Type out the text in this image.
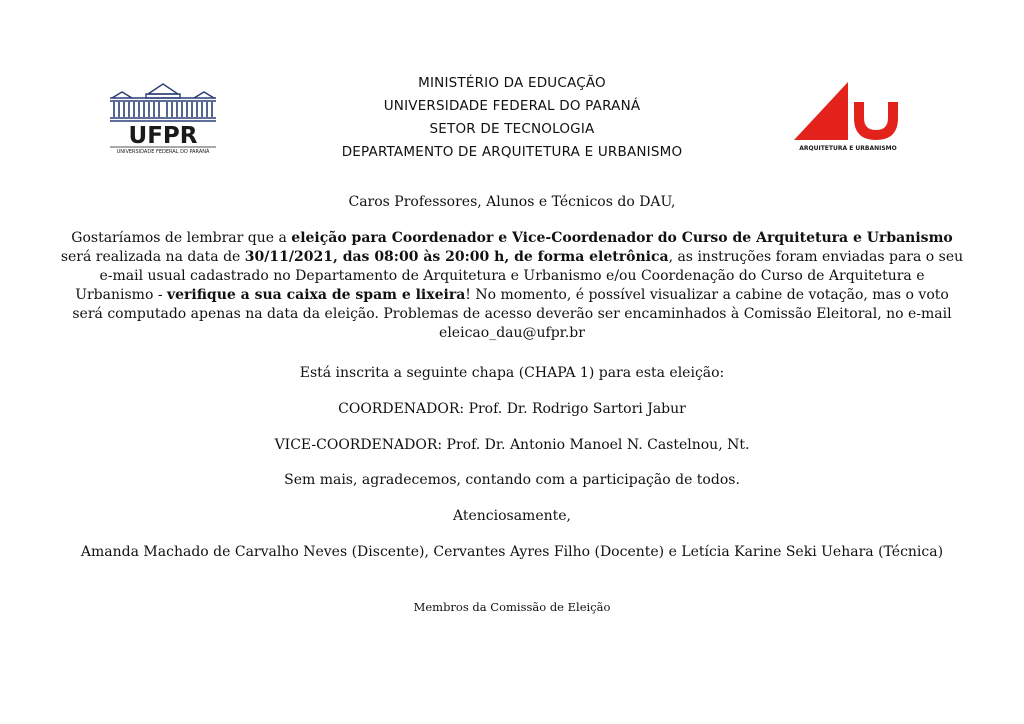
UFPR
UNIVERSIDADE FEDERAL DO PARANÁ	ARQUITETURA E URBANISMO
MINISTÉRIO DA EDUCAÇÃO
UNIVERSIDADE FEDERAL DO PARANÁ
SETOR DE TECNOLOGIA
DEPARTAMENTO DE ARQUITETURA E URBANISMO
Caros Professores, Alunos e Técnicos do DAU,

Gostaríamos de lembrar que a eleição para Coordenador e Vice-Coordenador do Curso de Arquitetura e Urbanismo será realizada na data de 30/11/2021, das 08:00 às 20:00 h, de forma eletrônica, as instruções foram enviadas para o seu e-mail usual cadastrado no Departamento de Arquitetura e Urbanismo e/ou Coordenação do Curso de Arquitetura e Urbanismo - verifique a sua caixa de spam e lixeira! No momento, é possível visualizar a cabine de votação, mas o voto será computado apenas na data da eleição. Problemas de acesso deverão ser encaminhados à Comissão Eleitoral, no e-mail eleicao_dau@ufpr.br

Está inscrita a seguinte chapa (CHAPA 1) para esta eleição:
COORDENADOR: Prof. Dr. Rodrigo Sartori Jabur
VICE-COORDENADOR: Prof. Dr. Antonio Manoel N. Castelnou, Nt.
Sem mais, agradecemos, contando com a participação de todos.
Atenciosamente,
Amanda Machado de Carvalho Neves (Discente), Cervantes Ayres Filho (Docente) e Letícia Karine Seki Uehara (Técnica)
Membros da Comissão de Eleição
